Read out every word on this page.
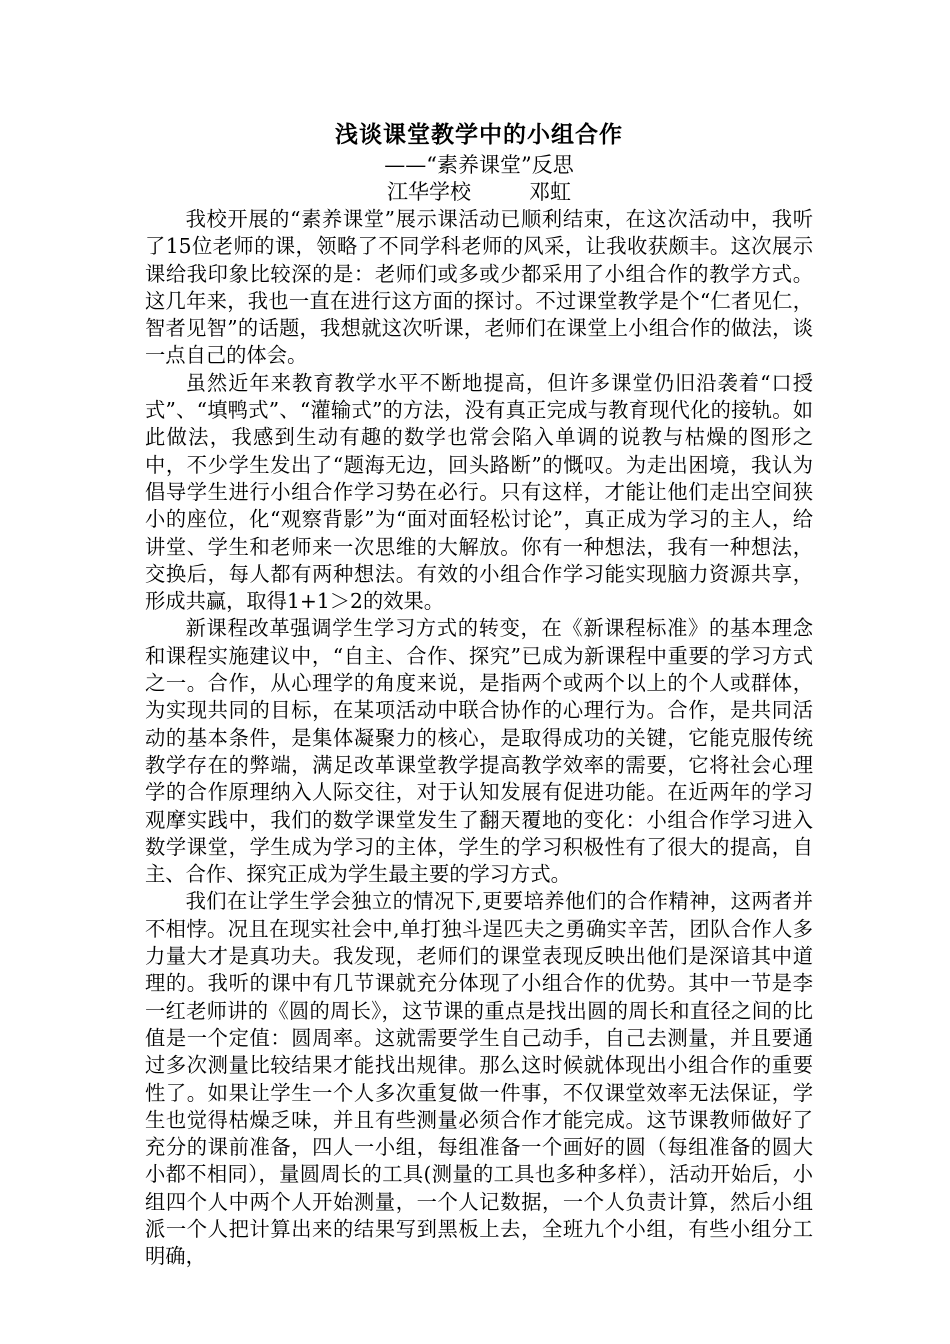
浅谈课堂教学中的小组合作
——“素养课堂”反思
江华学校	邓虹

我校开展的“素养课堂”展示课活动已顺利结束，在这次活动中，我听了15位老师的课，领略了不同学科老师的风采，让我收获颇丰。这次展示课给我印象比较深的是：老师们或多或少都采用了小组合作的教学方式。这几年来，我也一直在进行这方面的探讨。不过课堂教学是个“仁者见仁，智者见智”的话题，我想就这次听课，老师们在课堂上小组合作的做法，谈一点自己的体会。

虽然近年来教育教学水平不断地提高，但许多课堂仍旧沿袭着“口授式”、“填鸭式”、“灌输式”的方法，没有真正完成与教育现代化的接轨。如此做法，我感到生动有趣的数学也常会陷入单调的说教与枯燥的图形之中，不少学生发出了“题海无边，回头路断”的慨叹。为走出困境，我认为倡导学生进行小组合作学习势在必行。只有这样，才能让他们走出空间狭小的座位，化“观察背影”为“面对面轻松讨论”，真正成为学习的主人，给讲堂、学生和老师来一次思维的大解放。你有一种想法，我有一种想法，交换后，每人都有两种想法。有效的小组合作学习能实现脑力资源共享，形成共赢，取得1+1＞2的效果。

新课程改革强调学生学习方式的转变，在《新课程标准》的基本理念和课程实施建议中，“自主、合作、探究”已成为新课程中重要的学习方式之一。合作，从心理学的角度来说，是指两个或两个以上的个人或群体，为实现共同的目标，在某项活动中联合协作的心理行为。合作，是共同活动的基本条件，是集体凝聚力的核心，是取得成功的关键，它能克服传统教学存在的弊端，满足改革课堂教学提高教学效率的需要，它将社会心理学的合作原理纳入人际交往，对于认知发展有促进功能。在近两年的学习观摩实践中，我们的数学课堂发生了翻天覆地的变化：小组合作学习进入数学课堂，学生成为学习的主体，学生的学习积极性有了很大的提高，自主、合作、探究正成为学生最主要的学习方式。

我们在让学生学会独立的情况下,更要培养他们的合作精神，这两者并不相悖。况且在现实社会中,单打独斗逞匹夫之勇确实辛苦，团队合作人多力量大才是真功夫。我发现，老师们的课堂表现反映出他们是深谙其中道理的。我听的课中有几节课就充分体现了小组合作的优势。其中一节是李一红老师讲的《圆的周长》，这节课的重点是找出圆的周长和直径之间的比值是一个定值：圆周率。这就需要学生自己动手，自己去测量，并且要通过多次测量比较结果才能找出规律。那么这时候就体现出小组合作的重要性了。如果让学生一个人多次重复做一件事，不仅课堂效率无法保证，学生也觉得枯燥乏味，并且有些测量必须合作才能完成。这节课教师做好了充分的课前准备，四人一小组，每组准备一个画好的圆（每组准备的圆大小都不相同），量圆周长的工具(测量的工具也多种多样），活动开始后，小组四个人中两个人开始测量，一个人记数据，一个人负责计算，然后小组派一个人把计算出来的结果写到黑板上去，全班九个小组，有些小组分工明确，
